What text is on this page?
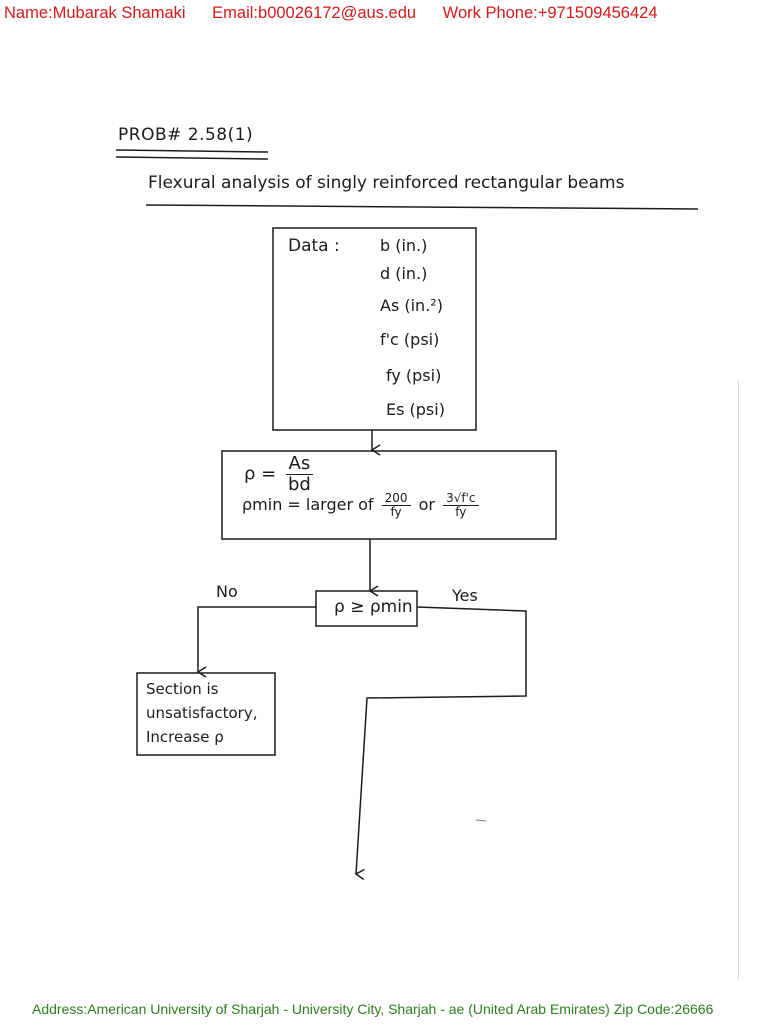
Name:Mubarak Shamaki Email:b00026172@aus.edu Work Phone:+971509456424
PROB# 2.58(1)
Flexural analysis of singly reinforced rectangular beams
Data :	b (in.)
d (in.)
As (in.²)
f'c (psi)
fy (psi)
Es (psi)
$\rho = \frac{As}{bd}$
ρmin = larger of $\frac{200}{fy}$ or $\frac{3√f'c}{fy}$
ρ ≥ ρmin
No	Yes
Section is
unsatisfactory,
Increase ρ
Address:American University of Sharjah - University City, Sharjah - ae (United Arab Emirates) Zip Code:26666
